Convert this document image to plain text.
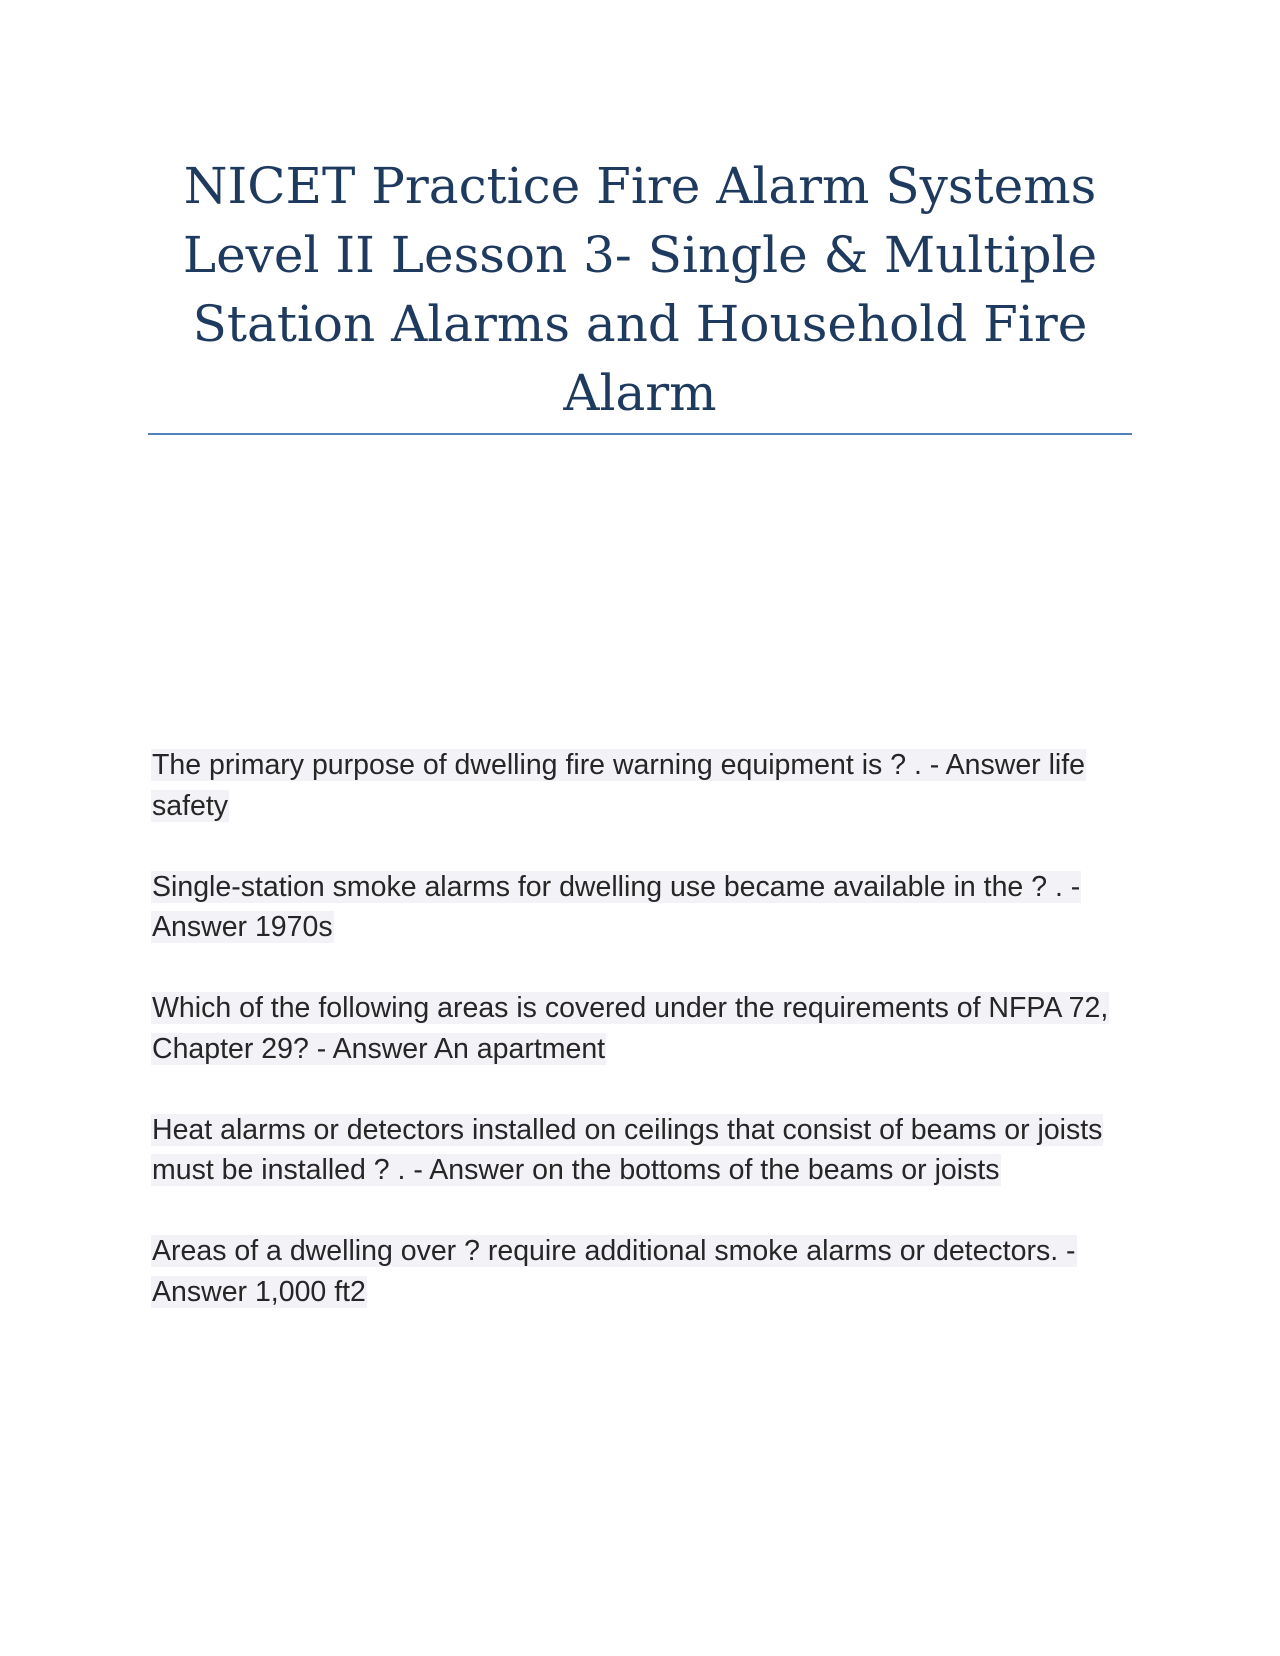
NICET Practice Fire Alarm Systems Level II Lesson 3- Single & Multiple Station Alarms and Household Fire Alarm

The primary purpose of dwelling fire warning equipment is ? . - Answer life safety

Single-station smoke alarms for dwelling use became available in the ? . - Answer 1970s

Which of the following areas is covered under the requirements of NFPA 72, Chapter 29? - Answer An apartment

Heat alarms or detectors installed on ceilings that consist of beams or joists must be installed ? . - Answer on the bottoms of the beams or joists

Areas of a dwelling over ? require additional smoke alarms or detectors. - Answer 1,000 ft2
